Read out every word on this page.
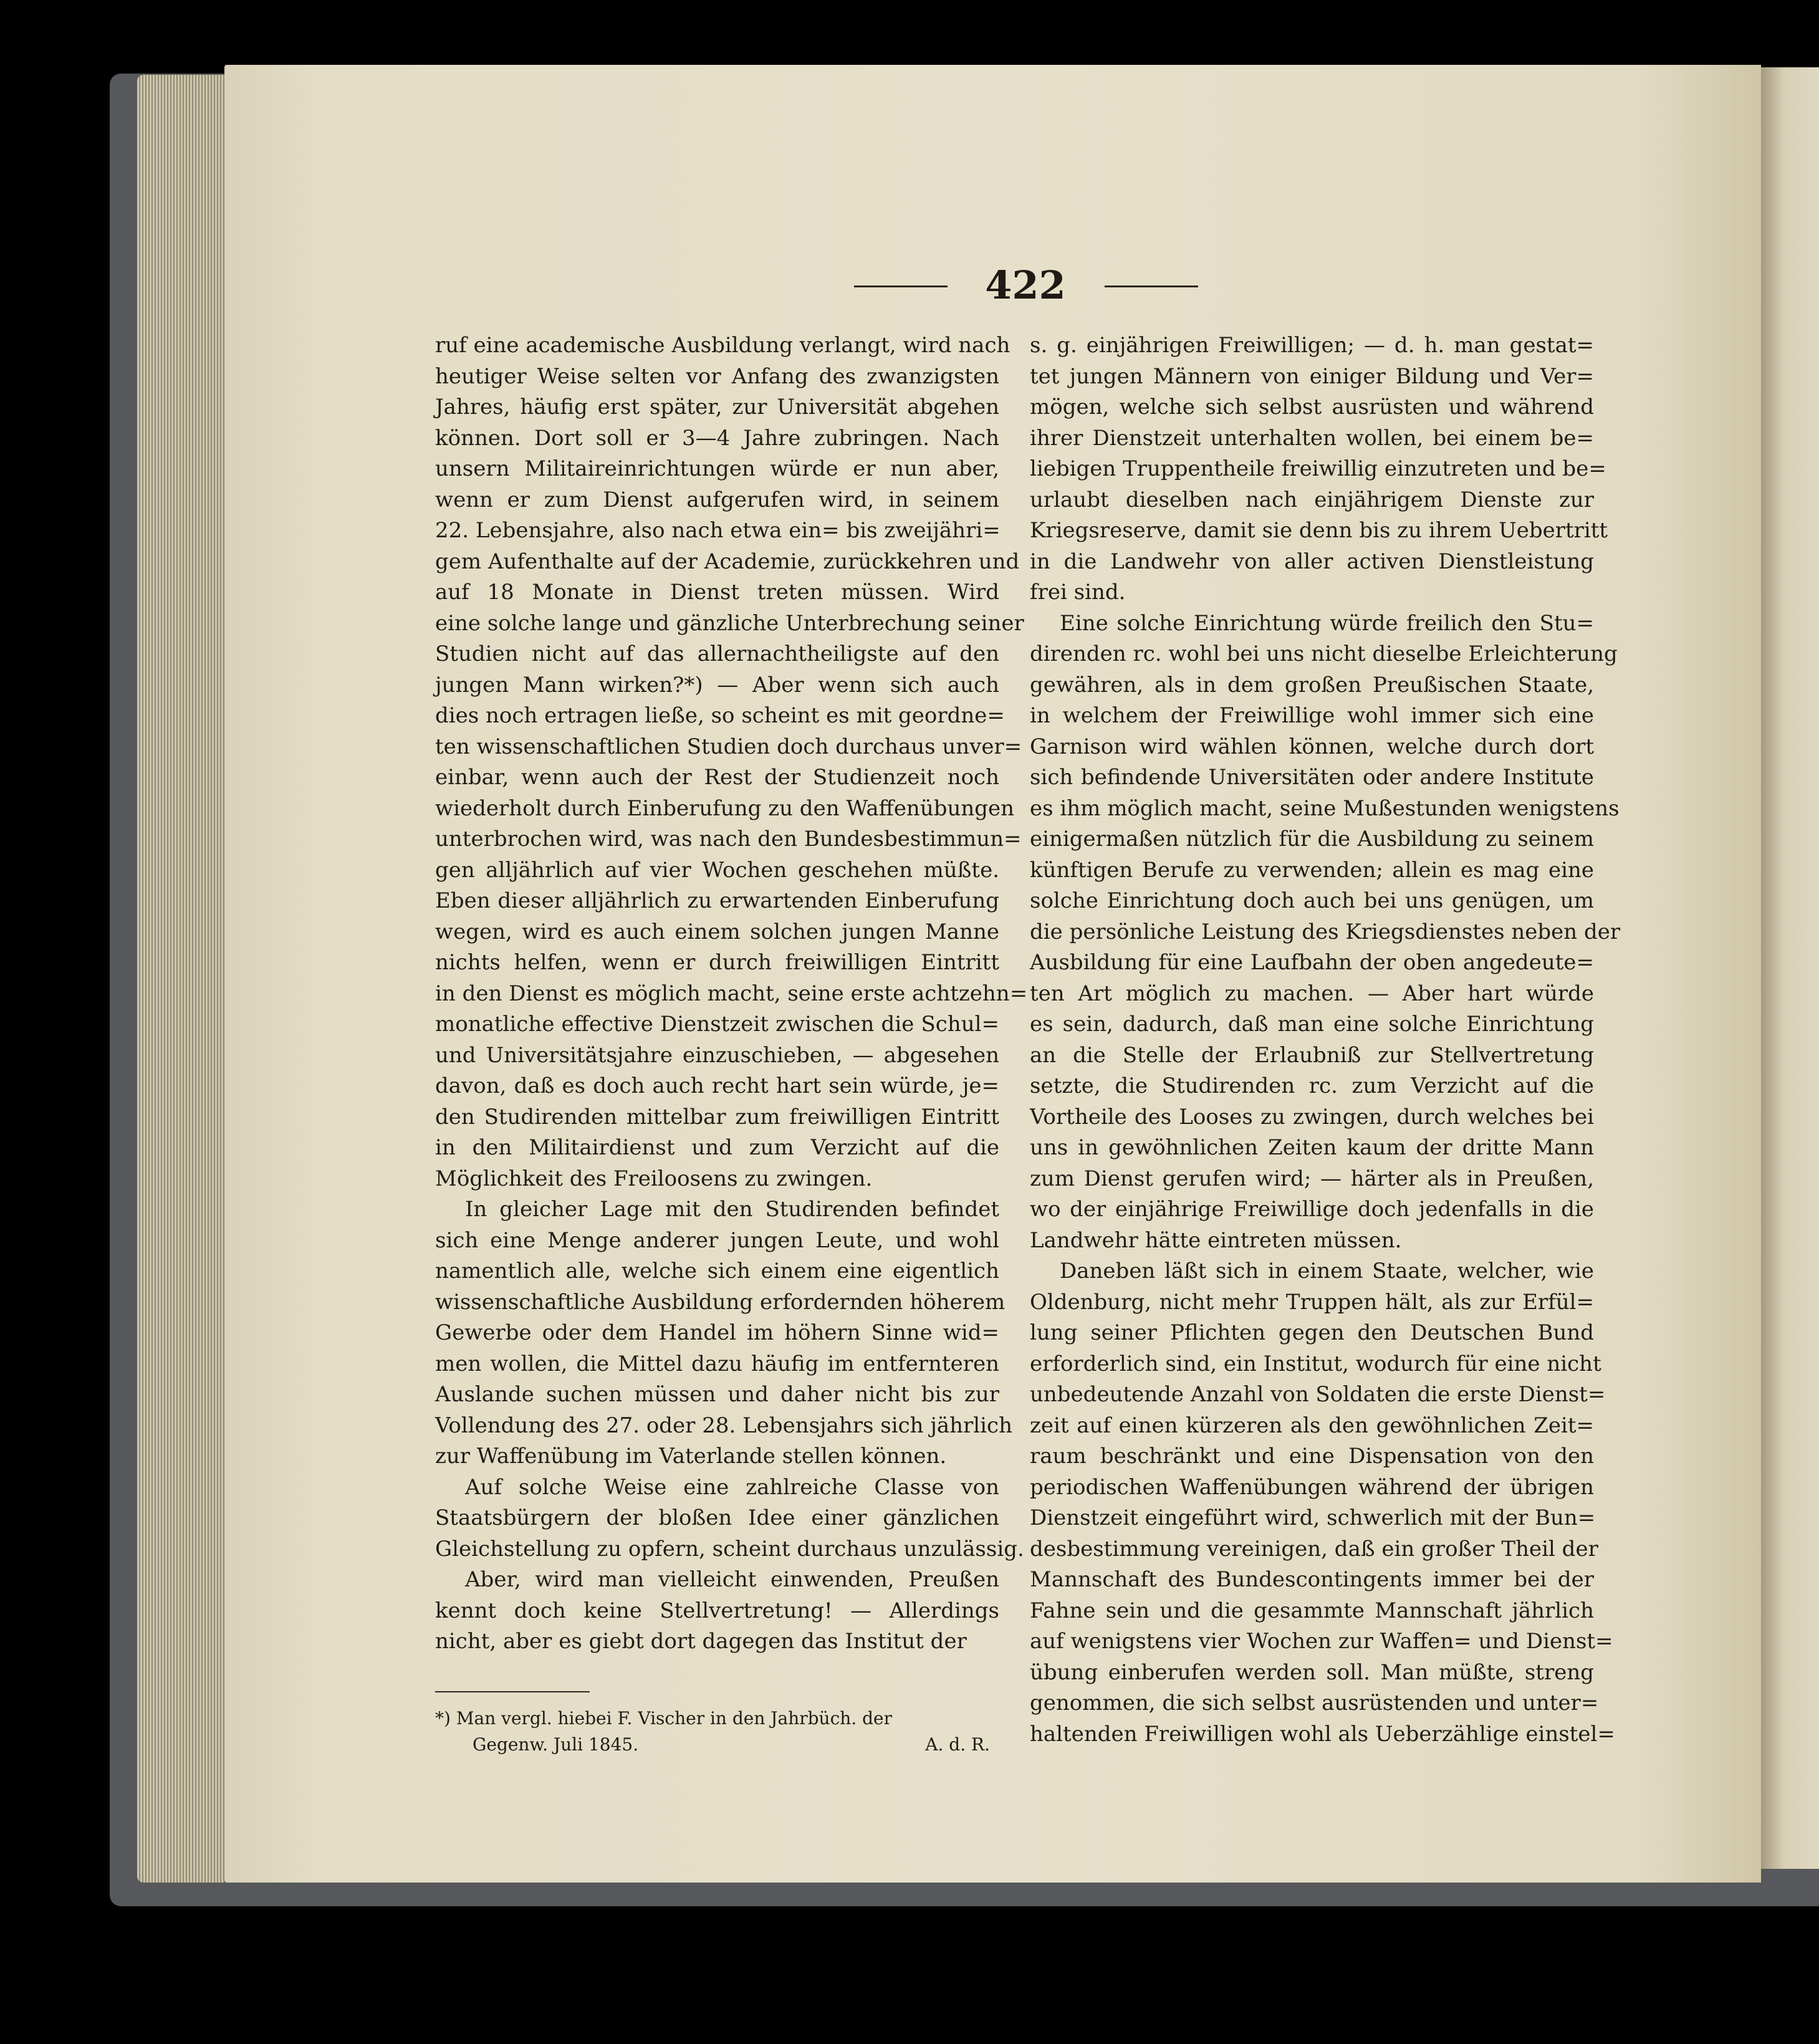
422
ruf eine academische Ausbildung verlangt, wird nach
heutiger Weise selten vor Anfang des zwanzigsten
Jahres, häufig erst später, zur Universität abgehen
können. Dort soll er 3—4 Jahre zubringen. Nach
unsern Militaireinrichtungen würde er nun aber,
wenn er zum Dienst aufgerufen wird, in seinem
22. Lebensjahre, also nach etwa ein= bis zweijähri=
gem Aufenthalte auf der Academie, zurückkehren und
auf 18 Monate in Dienst treten müssen. Wird
eine solche lange und gänzliche Unterbrechung seiner
Studien nicht auf das allernachtheiligste auf den
jungen Mann wirken?*) — Aber wenn sich auch
dies noch ertragen ließe, so scheint es mit geordne=
ten wissenschaftlichen Studien doch durchaus unver=
einbar, wenn auch der Rest der Studienzeit noch
wiederholt durch Einberufung zu den Waffenübungen
unterbrochen wird, was nach den Bundesbestimmun=
gen alljährlich auf vier Wochen geschehen müßte.
Eben dieser alljährlich zu erwartenden Einberufung
wegen, wird es auch einem solchen jungen Manne
nichts helfen, wenn er durch freiwilligen Eintritt
in den Dienst es möglich macht, seine erste achtzehn=
monatliche effective Dienstzeit zwischen die Schul=
und Universitätsjahre einzuschieben, — abgesehen
davon, daß es doch auch recht hart sein würde, je=
den Studirenden mittelbar zum freiwilligen Eintritt
in den Militairdienst und zum Verzicht auf die
Möglichkeit des Freiloosens zu zwingen.
In gleicher Lage mit den Studirenden befindet
sich eine Menge anderer jungen Leute, und wohl
namentlich alle, welche sich einem eine eigentlich
wissenschaftliche Ausbildung erfordernden höherem
Gewerbe oder dem Handel im höhern Sinne wid=
men wollen, die Mittel dazu häufig im entfernteren
Auslande suchen müssen und daher nicht bis zur
Vollendung des 27. oder 28. Lebensjahrs sich jährlich
zur Waffenübung im Vaterlande stellen können.
Auf solche Weise eine zahlreiche Classe von
Staatsbürgern der bloßen Idee einer gänzlichen
Gleichstellung zu opfern, scheint durchaus unzulässig.
Aber, wird man vielleicht einwenden, Preußen
kennt doch keine Stellvertretung! — Allerdings
nicht, aber es giebt dort dagegen das Institut der
s. g. einjährigen Freiwilligen; — d. h. man gestat=
tet jungen Männern von einiger Bildung und Ver=
mögen, welche sich selbst ausrüsten und während
ihrer Dienstzeit unterhalten wollen, bei einem be=
liebigen Truppentheile freiwillig einzutreten und be=
urlaubt dieselben nach einjährigem Dienste zur
Kriegsreserve, damit sie denn bis zu ihrem Uebertritt
in die Landwehr von aller activen Dienstleistung
frei sind.
Eine solche Einrichtung würde freilich den Stu=
direnden rc. wohl bei uns nicht dieselbe Erleichterung
gewähren, als in dem großen Preußischen Staate,
in welchem der Freiwillige wohl immer sich eine
Garnison wird wählen können, welche durch dort
sich befindende Universitäten oder andere Institute
es ihm möglich macht, seine Mußestunden wenigstens
einigermaßen nützlich für die Ausbildung zu seinem
künftigen Berufe zu verwenden; allein es mag eine
solche Einrichtung doch auch bei uns genügen, um
die persönliche Leistung des Kriegsdienstes neben der
Ausbildung für eine Laufbahn der oben angedeute=
ten Art möglich zu machen. — Aber hart würde
es sein, dadurch, daß man eine solche Einrichtung
an die Stelle der Erlaubniß zur Stellvertretung
setzte, die Studirenden rc. zum Verzicht auf die
Vortheile des Looses zu zwingen, durch welches bei
uns in gewöhnlichen Zeiten kaum der dritte Mann
zum Dienst gerufen wird; — härter als in Preußen,
wo der einjährige Freiwillige doch jedenfalls in die
Landwehr hätte eintreten müssen.
Daneben läßt sich in einem Staate, welcher, wie
Oldenburg, nicht mehr Truppen hält, als zur Erfül=
lung seiner Pflichten gegen den Deutschen Bund
erforderlich sind, ein Institut, wodurch für eine nicht
unbedeutende Anzahl von Soldaten die erste Dienst=
zeit auf einen kürzeren als den gewöhnlichen Zeit=
raum beschränkt und eine Dispensation von den
periodischen Waffenübungen während der übrigen
Dienstzeit eingeführt wird, schwerlich mit der Bun=
desbestimmung vereinigen, daß ein großer Theil der
Mannschaft des Bundescontingents immer bei der
Fahne sein und die gesammte Mannschaft jährlich
auf wenigstens vier Wochen zur Waffen= und Dienst=
übung einberufen werden soll. Man müßte, streng
genommen, die sich selbst ausrüstenden und unter=
haltenden Freiwilligen wohl als Ueberzählige einstel=
*) Man vergl. hiebei F. Vischer in den Jahrbüch. der
Gegenw. Juli 1845.	A. d. R.
